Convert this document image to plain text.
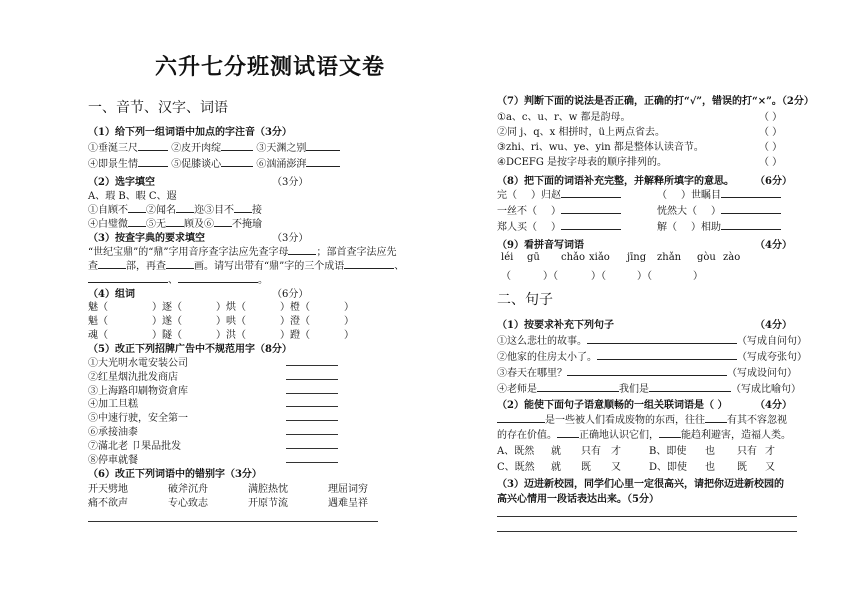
六升七分班测试语文卷
一、音节、汉字、词语
（1）给下列一组词语中加点的字注音（3分）
①垂涎三尺	②皮开肉绽	③天渊之别
④即景生情	⑤促膝谈心	⑥汹涌澎湃
（2）选字填空	（3分）
A、瑕 B、暇 C、遐
①自顾不 ②闻名 迩③目不 接
④白璧微 ⑤无 顾及⑥ 不掩瑜
（3）按查字典的要求填空	（3分）
“世纪宝鼎”的“鼎”字用音序查字法应先查字母	；部首查字法应先
查	部，再查	画。请写出带有“鼎”字的三个成语	、
、	。
（4）组词	（6分）
魅（	）逐（	）烘（	）橙（	）
魁（	）遂（	）哄（	）澄（	）
魂（	）隧（	）洪（	）蹬（	）
（5）改正下列招牌广告中不规范用字（8分）
①大光明水電安装公司
②红星烟氿批发商店
③上海路印刷物资倉库
④加工旦糕
⑤中速行驶，安全第一
⑥承接油桼
⑦滿北老 卩果品批发
⑧停車就餐
（6）改正下列词语中的错别字（3分）
开天劈地	破斧沉舟	满腔热忱	理屈词穷
痛不欲声	专心致志	开原节流	遇难呈祥
（7）判断下面的说法是否正确，正确的打“√”，错误的打“×”。（2分）
①a、c、u、r、w 都是韵母。	（ ）
②同 j、q、x 相拼时，ü上两点省去。	（ ）
③zhi、ri、wu、ye、yin 都是整体认读音节。	（ ）
④DCEFG 是按字母表的顺序排列的。	（ ）
（8）把下面的词语补充完整，并解释所填字的意思。 （6分）
完（ ）归赵	（ ）世瞩目
一丝不（ ）	恍然大（ ）
郑人买（ ）	解（ ）相助
（9）看拼音写词语	（4分）
léi gū chǎo xiǎo jīng zhǎn gòu zào
（	）（	）（	）（	）
二、句子
（1）按要求补充下列句子	（4分）
①这么悲壮的故事。	（写成自问句）
②他家的住房太小了。	（写成夸张句）
③春天在哪里？	（写成设问句）
④老师是	我们是	（写成比喻句）
（2）能使下面句子语意顺畅的一组关联词语是（ ）	（4分）
是一些被人们看成废物的东西，往往 有其不容忽视
的存在价值。 正确地认识它们， 能趋利避害，造福人类。
A、既然 就 只有 才	B、即使 也 只有 才
C、既然 就 既 又	D、即使 也 既 又
（3）迈进新校园，同学们心里一定很高兴，请把你迈进新校园的
高兴心情用一段话表达出来。（5分）
